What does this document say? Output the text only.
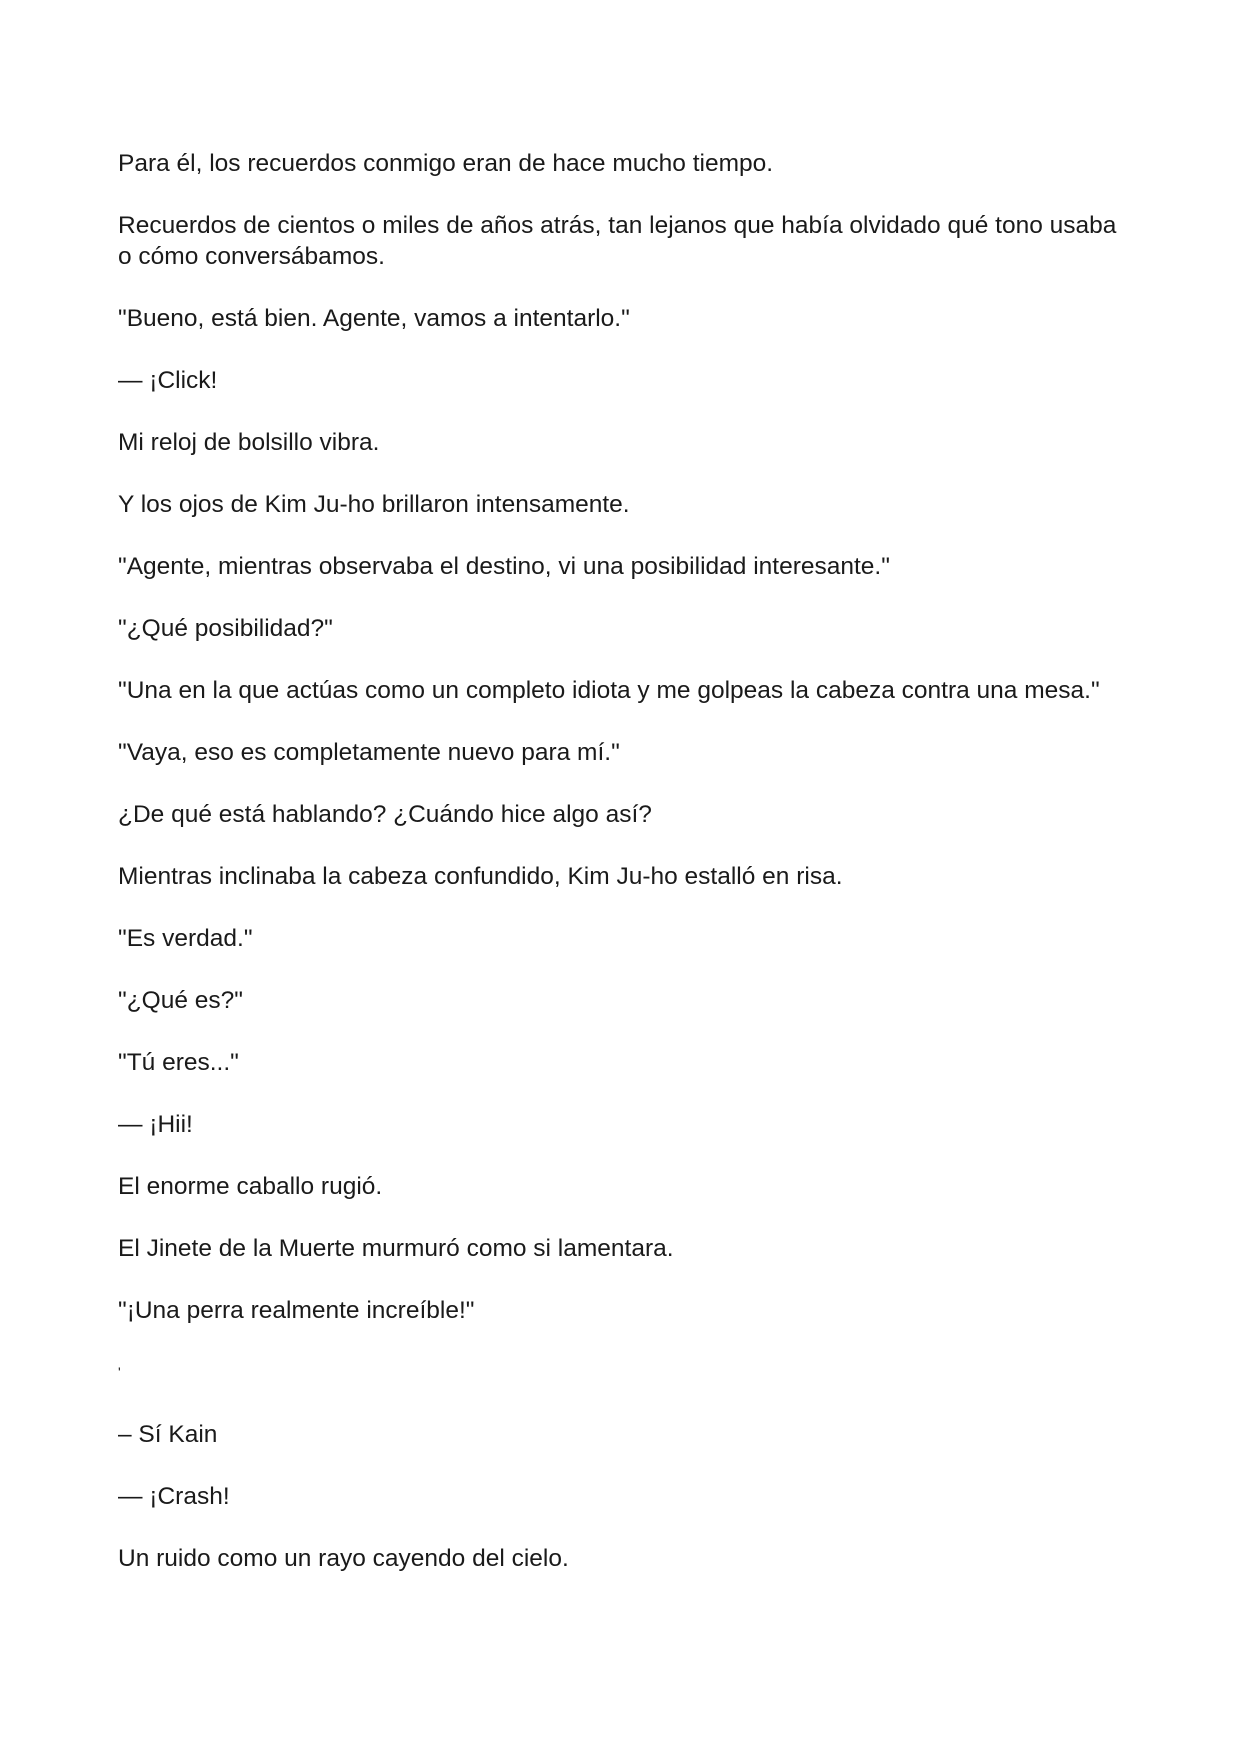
Para él, los recuerdos conmigo eran de hace mucho tiempo.

Recuerdos de cientos o miles de años atrás, tan lejanos que había olvidado qué tono usaba o cómo conversábamos.

"Bueno, está bien. Agente, vamos a intentarlo."

— ¡Click!

Mi reloj de bolsillo vibra.

Y los ojos de Kim Ju-ho brillaron intensamente.

"Agente, mientras observaba el destino, vi una posibilidad interesante."

"¿Qué posibilidad?"

"Una en la que actúas como un completo idiota y me golpeas la cabeza contra una mesa."

"Vaya, eso es completamente nuevo para mí."

¿De qué está hablando? ¿Cuándo hice algo así?

Mientras inclinaba la cabeza confundido, Kim Ju-ho estalló en risa.

"Es verdad."

"¿Qué es?"

"Tú eres..."

— ¡Hii!

El enorme caballo rugió.

El Jinete de la Muerte murmuró como si lamentara.

"¡Una perra realmente increíble!"

'

– Sí Kain

— ¡Crash!

Un ruido como un rayo cayendo del cielo.
